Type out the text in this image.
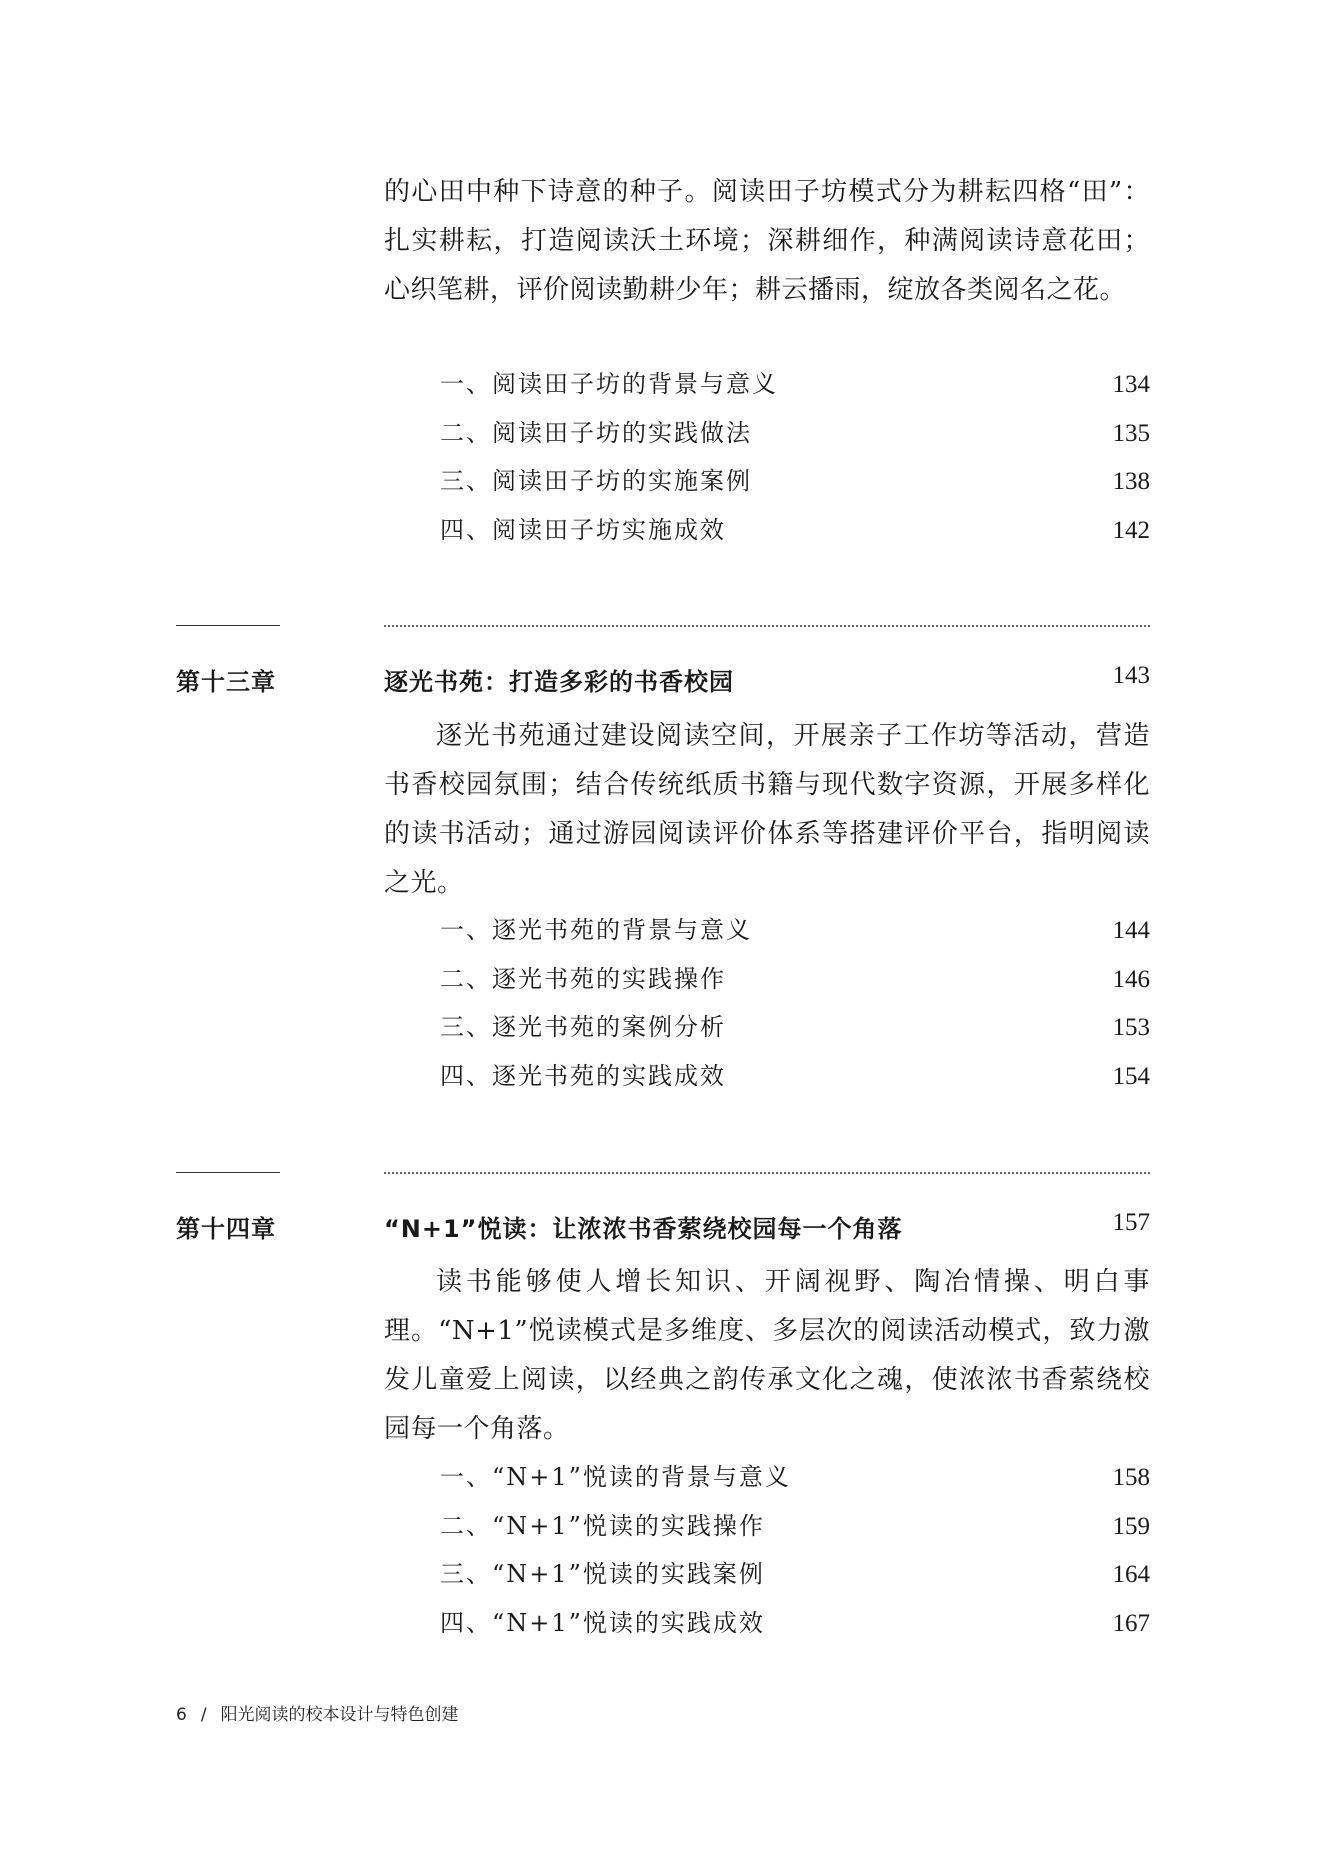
的心田中种下诗意的种子。阅读田子坊模式分为耕耘四格“田”：扎实耕耘，打造阅读沃土环境；深耕细作，种满阅读诗意花田；心织笔耕，评价阅读勤耕少年；耕云播雨，绽放各类阅名之花。

一、阅读田子坊的背景与意义	134
二、阅读田子坊的实践做法	135
三、阅读田子坊的实施案例	138
四、阅读田子坊实施成效	142
第十三章	逐光书苑：打造多彩的书香校园	143

逐光书苑通过建设阅读空间，开展亲子工作坊等活动，营造书香校园氛围；结合传统纸质书籍与现代数字资源，开展多样化的读书活动；通过游园阅读评价体系等搭建评价平台，指明阅读之光。

一、逐光书苑的背景与意义	144
二、逐光书苑的实践操作	146
三、逐光书苑的案例分析	153
四、逐光书苑的实践成效	154
第十四章	“N+1”悦读：让浓浓书香萦绕校园每一个角落	157

读书能够使人增长知识、开阔视野、陶冶情操、明白事理。“N+1”悦读模式是多维度、多层次的阅读活动模式，致力激发儿童爱上阅读，以经典之韵传承文化之魂，使浓浓书香萦绕校园每一个角落。

一、“N+1”悦读的背景与意义	158
二、“N+1”悦读的实践操作	159
三、“N+1”悦读的实践案例	164
四、“N+1”悦读的实践成效	167
6 / 阳光阅读的校本设计与特色创建
